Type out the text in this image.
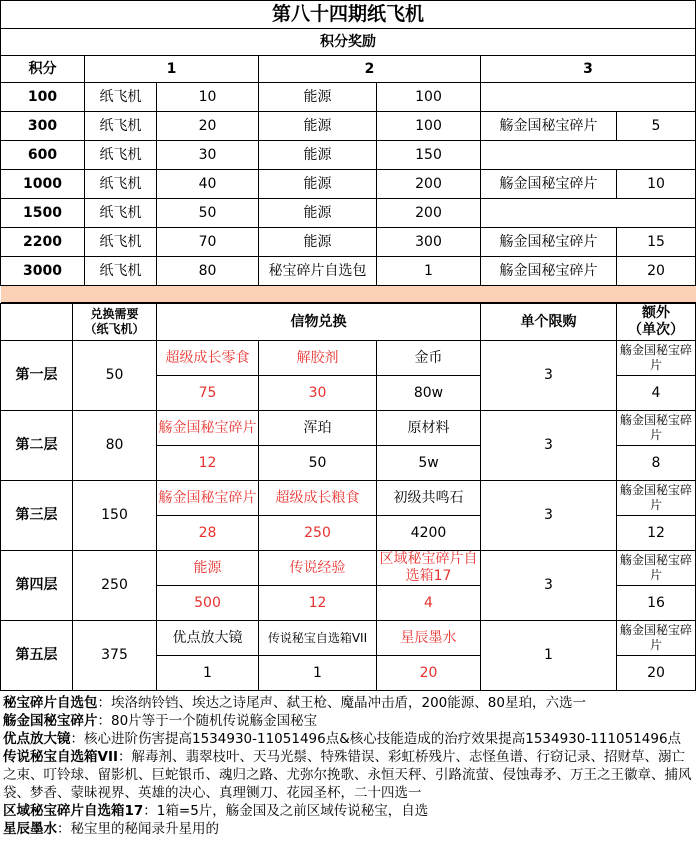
第八十四期纸飞机						
积分奖励						
积分	1		2		3	
100	纸飞机	10	能源	100		
300	纸飞机	20	能源	100	觞金国秘宝碎片	5
600	纸飞机	30	能源	150		
1000	纸飞机	40	能源	200	觞金国秘宝碎片	10
1500	纸飞机	50	能源	200		
2200	纸飞机	70	能源	300	觞金国秘宝碎片	15
3000	纸飞机	80	秘宝碎片自选包	1	觞金国秘宝碎片	20

	兑换需要
（纸飞机）	信物兑换			单个限购	额外
（单次）
第一层	50	超级成长零食	解胶剂	金币	3	觞金国秘宝碎片
		75	30	80w		4
第二层	80	觞金国秘宝碎片	浑珀	原材料	3	觞金国秘宝碎片
		12	50	5w		8
第三层	150	觞金国秘宝碎片	超级成长粮食	初级共鸣石	3	觞金国秘宝碎片
		28	250	4200		12
第四层	250	能源	传说经验	区域秘宝碎片自选箱17	3	觞金国秘宝碎片
		500	12	4		16
第五层	375	优点放大镜	传说秘宝自选箱VII	星辰墨水	1	觞金国秘宝碎片
		1	1	20		20

秘宝碎片自选包：埃洛纳铃铛、埃达之诗尾声、弑王枪、魔晶冲击盾，200能源、80星珀，六选一

觞金国秘宝碎片：80片等于一个随机传说觞金国秘宝

优点放大镜：核心进阶伤害提高1534930-11051496点&核心技能造成的治疗效果提高1534930-111051496点

传说秘宝自选箱VII：解毒剂、翡翠枝叶、天马光鬃、特殊错误、彩虹桥残片、志怪鱼谱、行窃记录、招财草、溺亡之束、叮铃球、留影机、巨蛇银币、魂归之路、尤弥尔挽歌、永恒天秤、引路流萤、侵蚀毒矛、万王之王徽章、捕风袋、梦香、蒙昧视界、英雄的决心、真理铡刀、花园圣杯，二十四选一

区域秘宝碎片自选箱17：1箱=5片，觞金国及之前区域传说秘宝，自选

星辰墨水：秘宝里的秘闻录升星用的
